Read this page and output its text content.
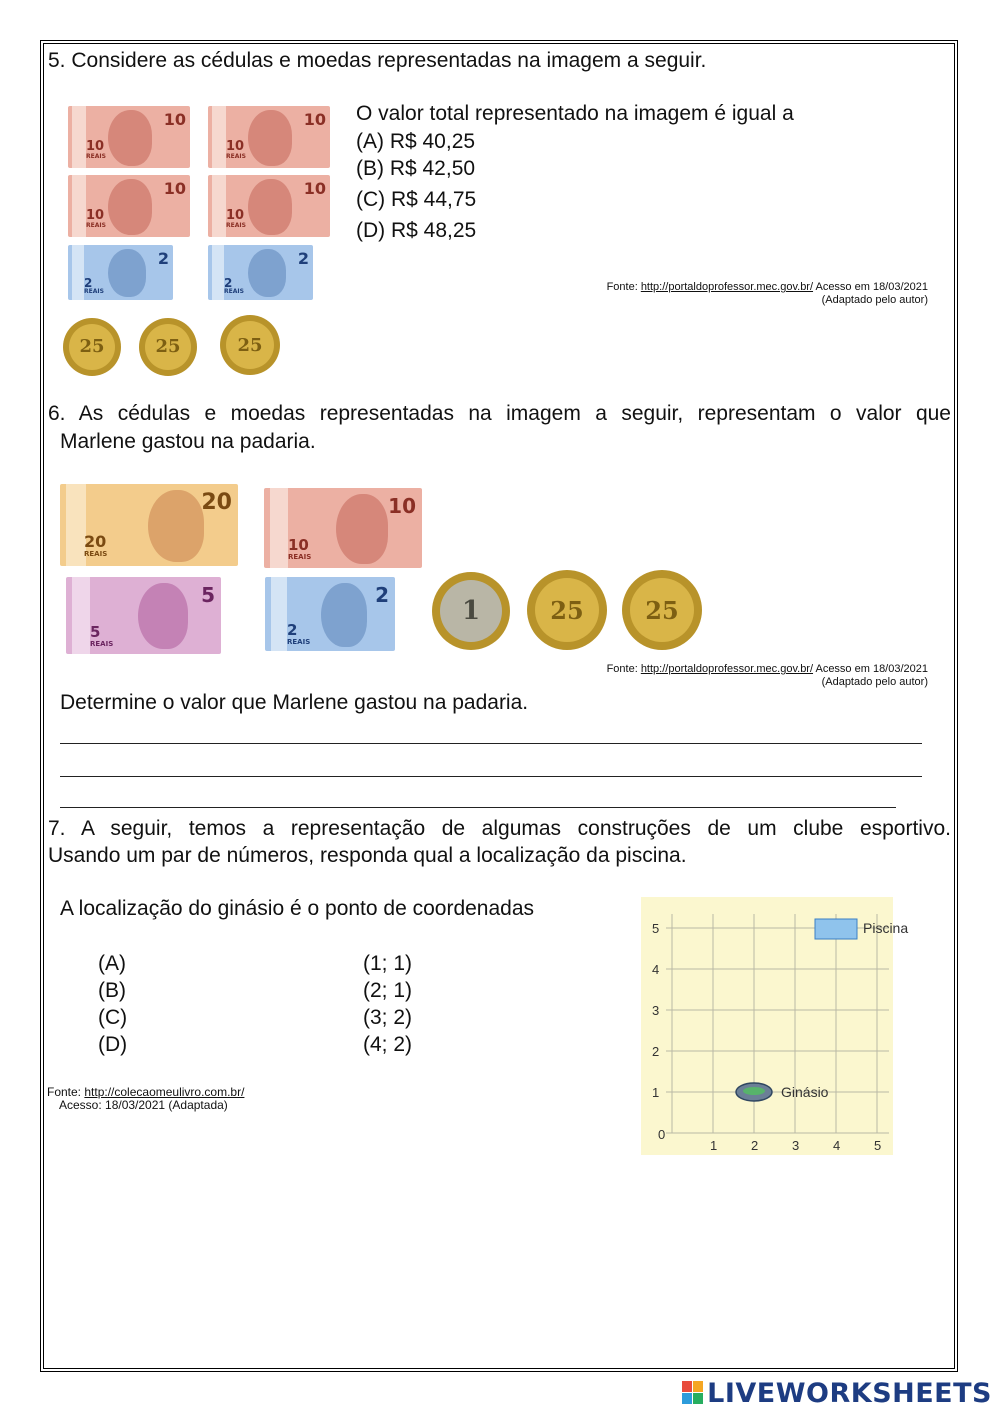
5. Considere as cédulas e moedas representadas na imagem a seguir.
10
10
REAIS
10
10
REAIS
10
10
REAIS
10
10
REAIS
2
2
REAIS
2
2
REAIS
25	25	25
O valor total representado na imagem é igual a
(A) R$ 40,25
(B) R$ 42,50
(C) R$ 44,75
(D) R$ 48,25
Fonte: http://portaldoprofessor.mec.gov.br/ Acesso em 18/03/2021
(Adaptado pelo autor)
6. As cédulas e moedas representadas na imagem a seguir, representam o valor que
Marlene gastou na padaria.
20
20
REAIS
10
10
REAIS
5
5
REAIS
2
2
REAIS
1	25	25
Fonte: http://portaldoprofessor.mec.gov.br/ Acesso em 18/03/2021
(Adaptado pelo autor)
Determine o valor que Marlene gastou na padaria.
7. A seguir, temos a representação de algumas construções de um clube esportivo.
Usando um par de números, responda qual a localização da piscina.
A localização do ginásio é o ponto de coordenadas
(A)	(1; 1)
(B)	(2; 1)
(C)	(3; 2)
(D)	(4; 2)
Fonte: http://colecaomeulivro.com.br/
Acesso: 18/03/2021 (Adaptada)
0
1	2	3	4	5
1
2
3
4
5	Piscina
Ginásio
LIVEWORKSHEETS
